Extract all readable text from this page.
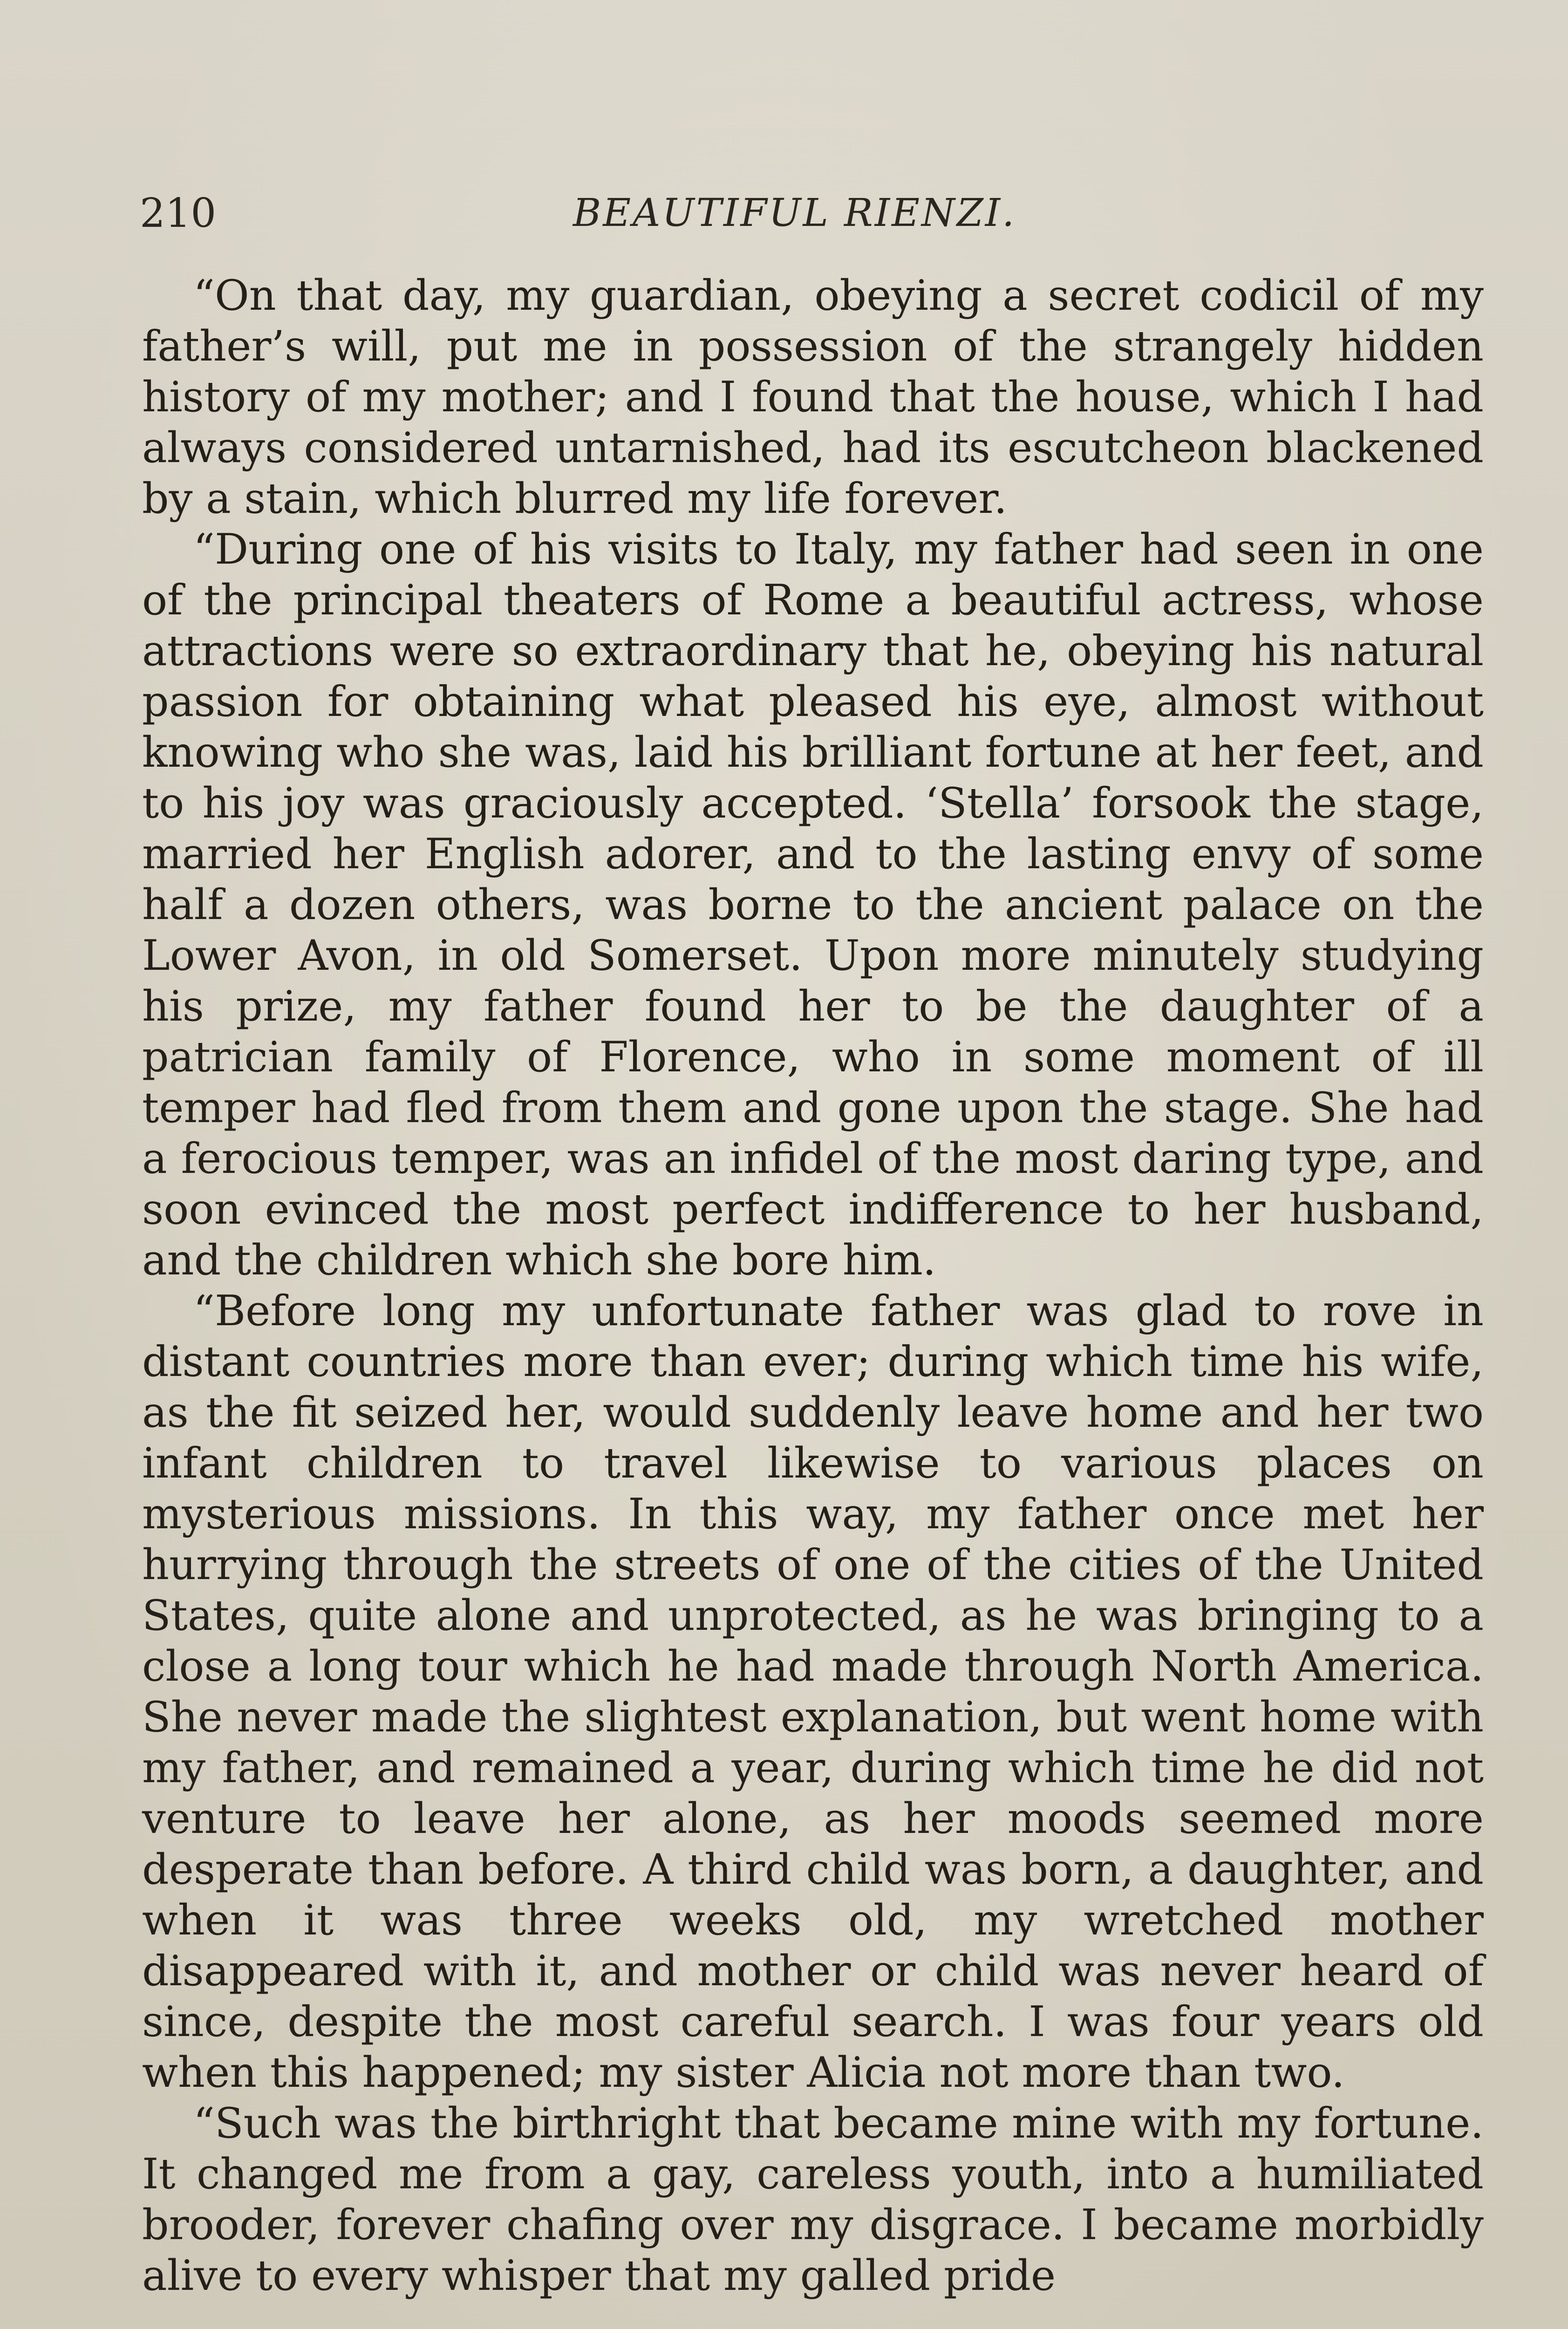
210	BEAUTIFUL RIENZI.

“On that day, my guardian, obeying a secret codicil of my father’s will, put me in possession of the strangely hidden history of my mother; and I found that the house, which I had always considered untarnished, had its escutcheon blackened by a stain, which blurred my life forever.

“During one of his visits to Italy, my father had seen in one of the principal theaters of Rome a beautiful actress, whose attractions were so extraordinary that he, obeying his natural passion for obtaining what pleased his eye, almost without knowing who she was, laid his brilliant fortune at her feet, and to his joy was graciously accepted. ‘Stella’ forsook the stage, married her English adorer, and to the lasting envy of some half a dozen others, was borne to the ancient palace on the Lower Avon, in old Somerset. Upon more minutely studying his prize, my father found her to be the daughter of a patrician family of Florence, who in some moment of ill temper had fled from them and gone upon the stage. She had a ferocious temper, was an infidel of the most daring type, and soon evinced the most perfect indifference to her husband, and the children which she bore him.

“Before long my unfortunate father was glad to rove in distant countries more than ever; during which time his wife, as the fit seized her, would suddenly leave home and her two infant children to travel likewise to various places on mysterious missions. In this way, my father once met her hurrying through the streets of one of the cities of the United States, quite alone and unprotected, as he was bringing to a close a long tour which he had made through North America. She never made the slightest explanation, but went home with my father, and remained a year, during which time he did not venture to leave her alone, as her moods seemed more desperate than before. A third child was born, a daughter, and when it was three weeks old, my wretched mother disappeared with it, and mother or child was never heard of since, despite the most careful search. I was four years old when this happened; my sister Alicia not more than two.

“Such was the birthright that became mine with my fortune. It changed me from a gay, careless youth, into a humiliated brooder, forever chafing over my disgrace. I became morbidly alive to every whisper that my galled pride
